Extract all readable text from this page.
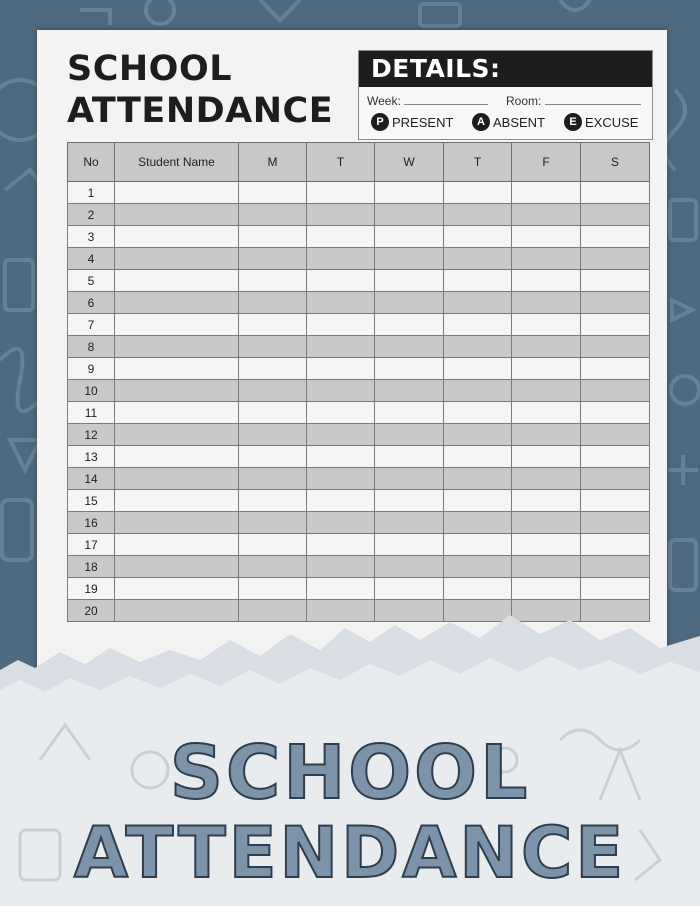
SCHOOL
ATTENDANCE
DETAILS:
Week:	Room:
P PRESENT	A ABSENT	E EXCUSE
No	Student Name	M	T	W	T	F	S
1							
2							
3							
4							
5							
6							
7							
8							
9							
10							
11							
12							
13							
14							
15							
16							
17							
18							
19							
20							
SCHOOL
ATTENDANCE
